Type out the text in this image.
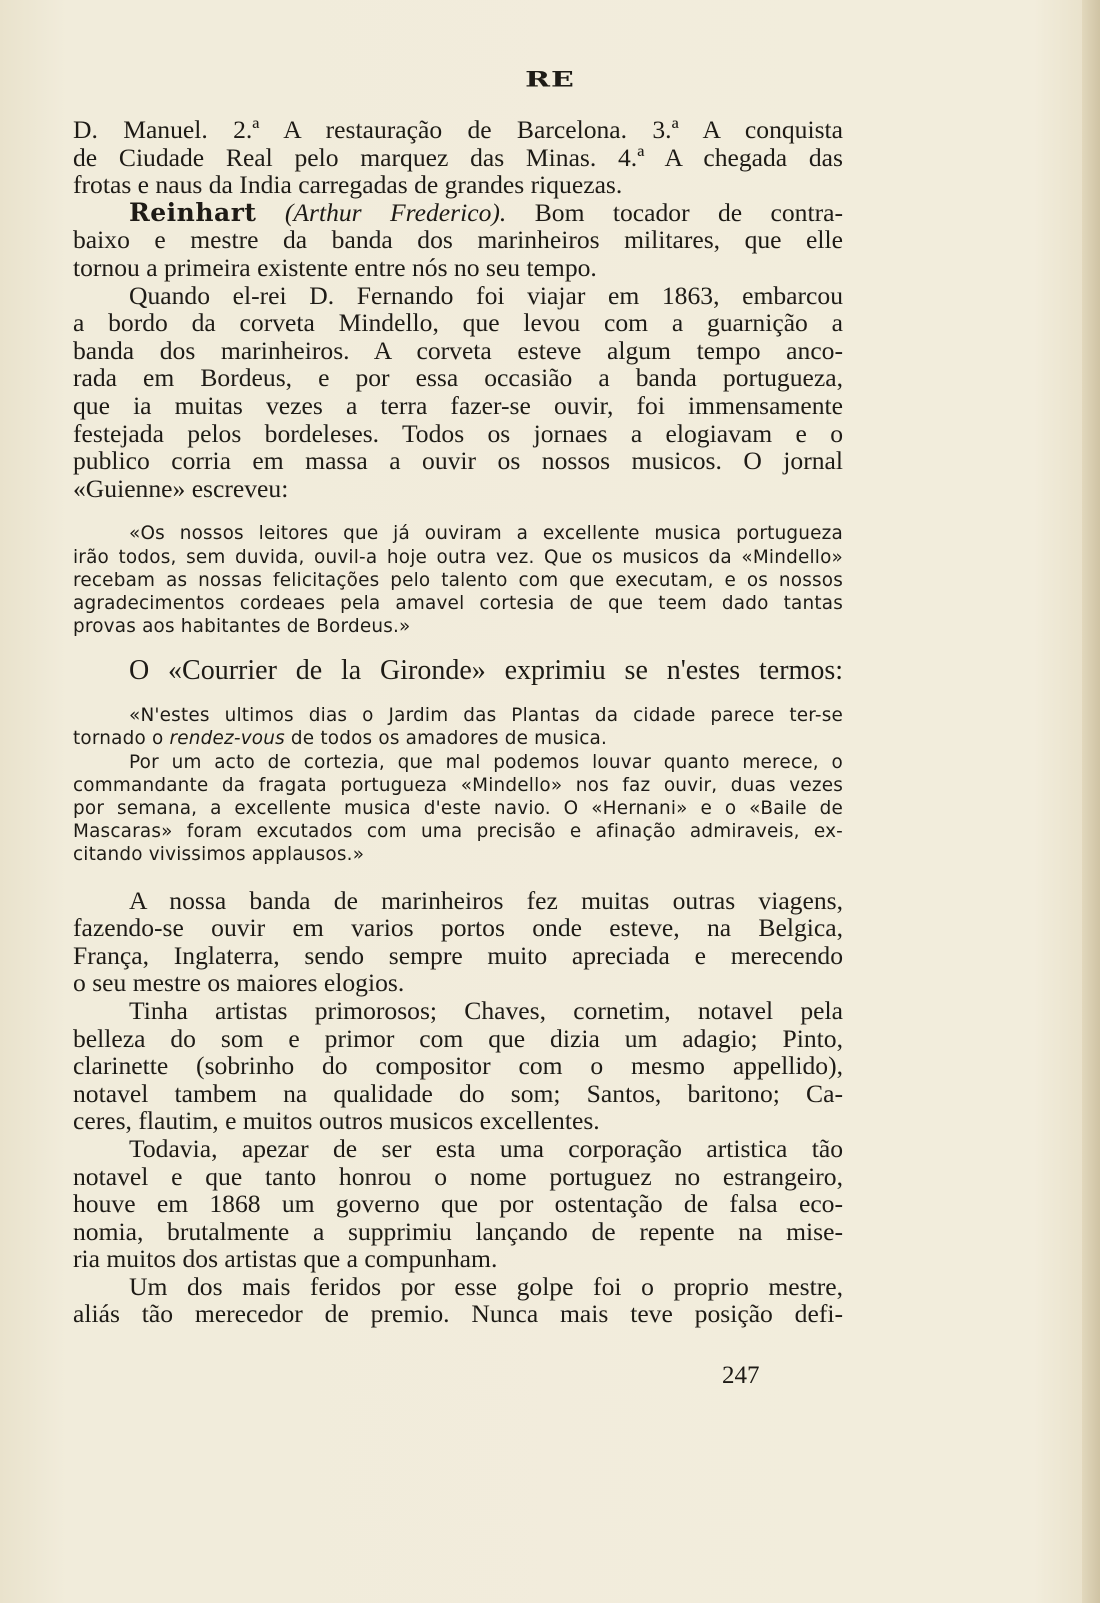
RE
D. Manuel. 2.ª A restauração de Barcelona. 3.ª A conquista
de Ciudade Real pelo marquez das Minas. 4.ª A chegada das
frotas e naus da India carregadas de grandes riquezas.
Reinhart (Arthur Frederico). Bom tocador de contra-
baixo e mestre da banda dos marinheiros militares, que elle
tornou a primeira existente entre nós no seu tempo.
Quando el-rei D. Fernando foi viajar em 1863, embarcou
a bordo da corveta Mindello, que levou com a guarnição a
banda dos marinheiros. A corveta esteve algum tempo anco-
rada em Bordeus, e por essa occasião a banda portugueza,
que ia muitas vezes a terra fazer-se ouvir, foi immensamente
festejada pelos bordeleses. Todos os jornaes a elogiavam e o
publico corria em massa a ouvir os nossos musicos. O jornal
«Guienne» escreveu:
«Os nossos leitores que já ouviram a excellente musica portugueza
irão todos, sem duvida, ouvil-a hoje outra vez. Que os musicos da «Mindello»
recebam as nossas felicitações pelo talento com que executam, e os nossos
agradecimentos cordeaes pela amavel cortesia de que teem dado tantas
provas aos habitantes de Bordeus.»
O «Courrier de la Gironde» exprimiu se n'estes termos:
«N'estes ultimos dias o Jardim das Plantas da cidade parece ter-se
tornado o rendez-vous de todos os amadores de musica.
Por um acto de cortezia, que mal podemos louvar quanto merece, o
commandante da fragata portugueza «Mindello» nos faz ouvir, duas vezes
por semana, a excellente musica d'este navio. O «Hernani» e o «Baile de
Mascaras» foram excutados com uma precisão e afinação admiraveis, ex-
citando vivissimos applausos.»
A nossa banda de marinheiros fez muitas outras viagens,
fazendo-se ouvir em varios portos onde esteve, na Belgica,
França, Inglaterra, sendo sempre muito apreciada e merecendo
o seu mestre os maiores elogios.
Tinha artistas primorosos; Chaves, cornetim, notavel pela
belleza do som e primor com que dizia um adagio; Pinto,
clarinette (sobrinho do compositor com o mesmo appellido),
notavel tambem na qualidade do som; Santos, baritono; Ca-
ceres, flautim, e muitos outros musicos excellentes.
Todavia, apezar de ser esta uma corporação artistica tão
notavel e que tanto honrou o nome portuguez no estrangeiro,
houve em 1868 um governo que por ostentação de falsa eco-
nomia, brutalmente a supprimiu lançando de repente na mise-
ria muitos dos artistas que a compunham.
Um dos mais feridos por esse golpe foi o proprio mestre,
aliás tão merecedor de premio. Nunca mais teve posição defi-
247
